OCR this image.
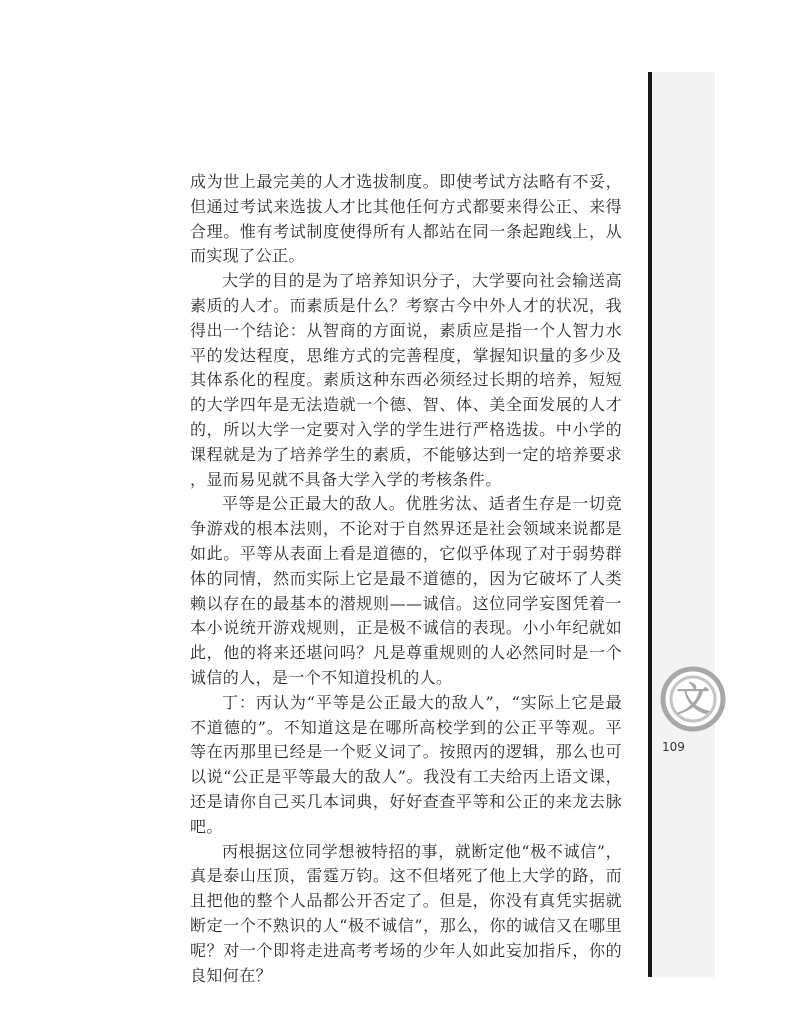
成为世上最完美的人才选拔制度。即使考试方法略有不妥，但通过考试来选拔人才比其他任何方式都要来得公正、来得合理。惟有考试制度使得所有人都站在同一条起跑线上，从而实现了公正。

大学的目的是为了培养知识分子，大学要向社会输送高素质的人才。而素质是什么？考察古今中外人才的状况，我得出一个结论：从智商的方面说，素质应是指一个人智力水平的发达程度，思维方式的完善程度，掌握知识量的多少及其体系化的程度。素质这种东西必须经过长期的培养，短短的大学四年是无法造就一个德、智、体、美全面发展的人才的，所以大学一定要对入学的学生进行严格选拔。中小学的课程就是为了培养学生的素质，不能够达到一定的培养要求，显而易见就不具备大学入学的考核条件。

平等是公正最大的敌人。优胜劣汰、适者生存是一切竞争游戏的根本法则，不论对于自然界还是社会领域来说都是如此。平等从表面上看是道德的，它似乎体现了对于弱势群体的同情，然而实际上它是最不道德的，因为它破坏了人类赖以存在的最基本的潜规则——诚信。这位同学妄图凭着一本小说统开游戏规则，正是极不诚信的表现。小小年纪就如此，他的将来还堪问吗？凡是尊重规则的人必然同时是一个诚信的人，是一个不知道投机的人。

丁：丙认为“平等是公正最大的敌人”，“实际上它是最不道德的”。不知道这是在哪所高校学到的公正平等观。平等在丙那里已经是一个贬义词了。按照丙的逻辑，那么也可以说“公正是平等最大的敌人”。我没有工夫给丙上语文课，还是请你自己买几本词典，好好查查平等和公正的来龙去脉吧。

丙根据这位同学想被特招的事，就断定他“极不诚信”，真是泰山压顶，雷霆万钧。这不但堵死了他上大学的路，而且把他的整个人品都公开否定了。但是，你没有真凭实据就断定一个不熟识的人“极不诚信”，那么，你的诚信又在哪里呢？对一个即将走进高考考场的少年人如此妄加指斥，你的良知何在？

文
109
